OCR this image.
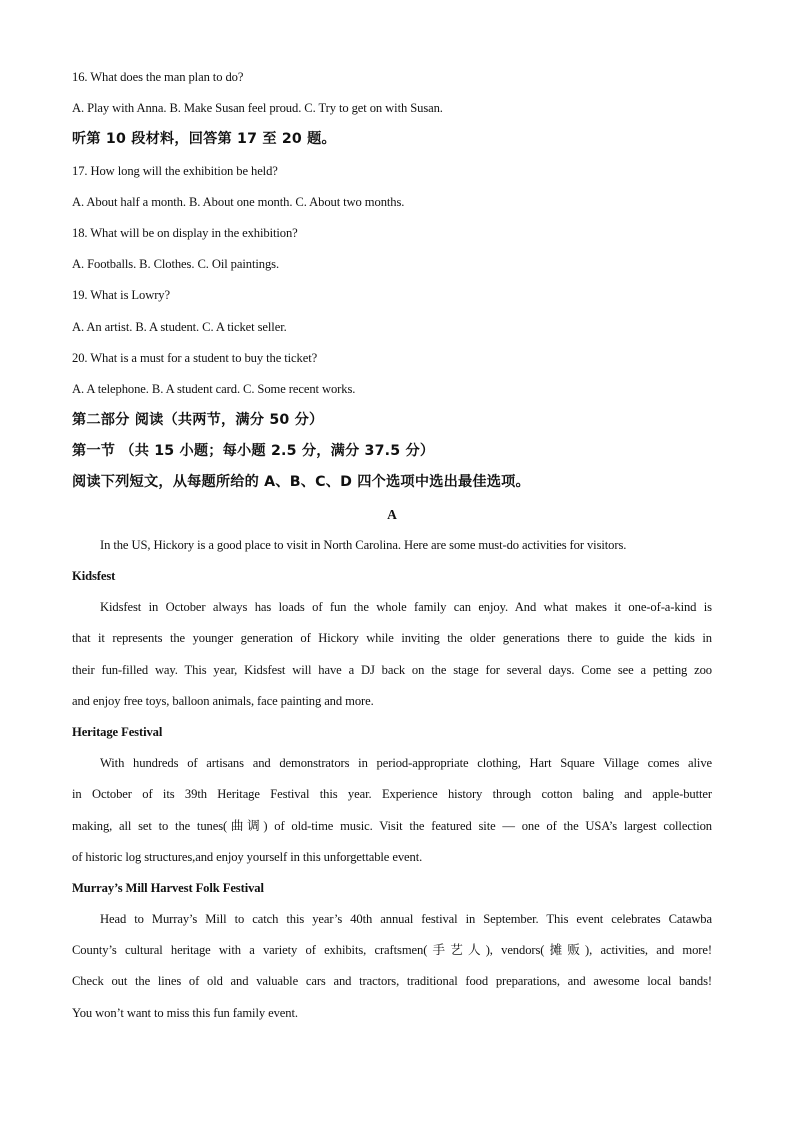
16. What does the man plan to do?
A. Play with Anna. B. Make Susan feel proud. C. Try to get on with Susan.
听第 10 段材料，回答第 17 至 20 题。
17. How long will the exhibition be held?
A. About half a month. B. About one month. C. About two months.
18. What will be on display in the exhibition?
A. Footballs. B. Clothes. C. Oil paintings.
19. What is Lowry?
A. An artist. B. A student. C. A ticket seller.
20. What is a must for a student to buy the ticket?
A. A telephone. B. A student card. C. Some recent works.
第二部分 阅读（共两节，满分 50 分）
第一节 （共 15 小题；每小题 2.5 分，满分 37.5 分）
阅读下列短文，从每题所给的 A、B、C、D 四个选项中选出最佳选项。
A
In the US, Hickory is a good place to visit in North Carolina. Here are some must-do activities for visitors.
Kidsfest
Kidsfest in October always has loads of fun the whole family can enjoy. And what makes it one-of-a-kind is
that it represents the younger generation of Hickory while inviting the older generations there to guide the kids in
their fun-filled way. This year, Kidsfest will have a DJ back on the stage for several days. Come see a petting zoo
and enjoy free toys, balloon animals, face painting and more.
Heritage Festival
With hundreds of artisans and demonstrators in period-appropriate clothing, Hart Square Village comes alive
in October of its 39th Heritage Festival this year. Experience history through cotton baling and apple-butter
making, all set to the tunes(曲调) of old-time music. Visit the featured site — one of the USA’s largest collection
of historic log structures,and enjoy yourself in this unforgettable event.
Murray’s Mill Harvest Folk Festival
Head to Murray’s Mill to catch this year’s 40th annual festival in September. This event celebrates Catawba
County’s cultural heritage with a variety of exhibits, craftsmen(手艺人), vendors(摊贩), activities, and more!
Check out the lines of old and valuable cars and tractors, traditional food preparations, and awesome local bands!
You won’t want to miss this fun family event.
